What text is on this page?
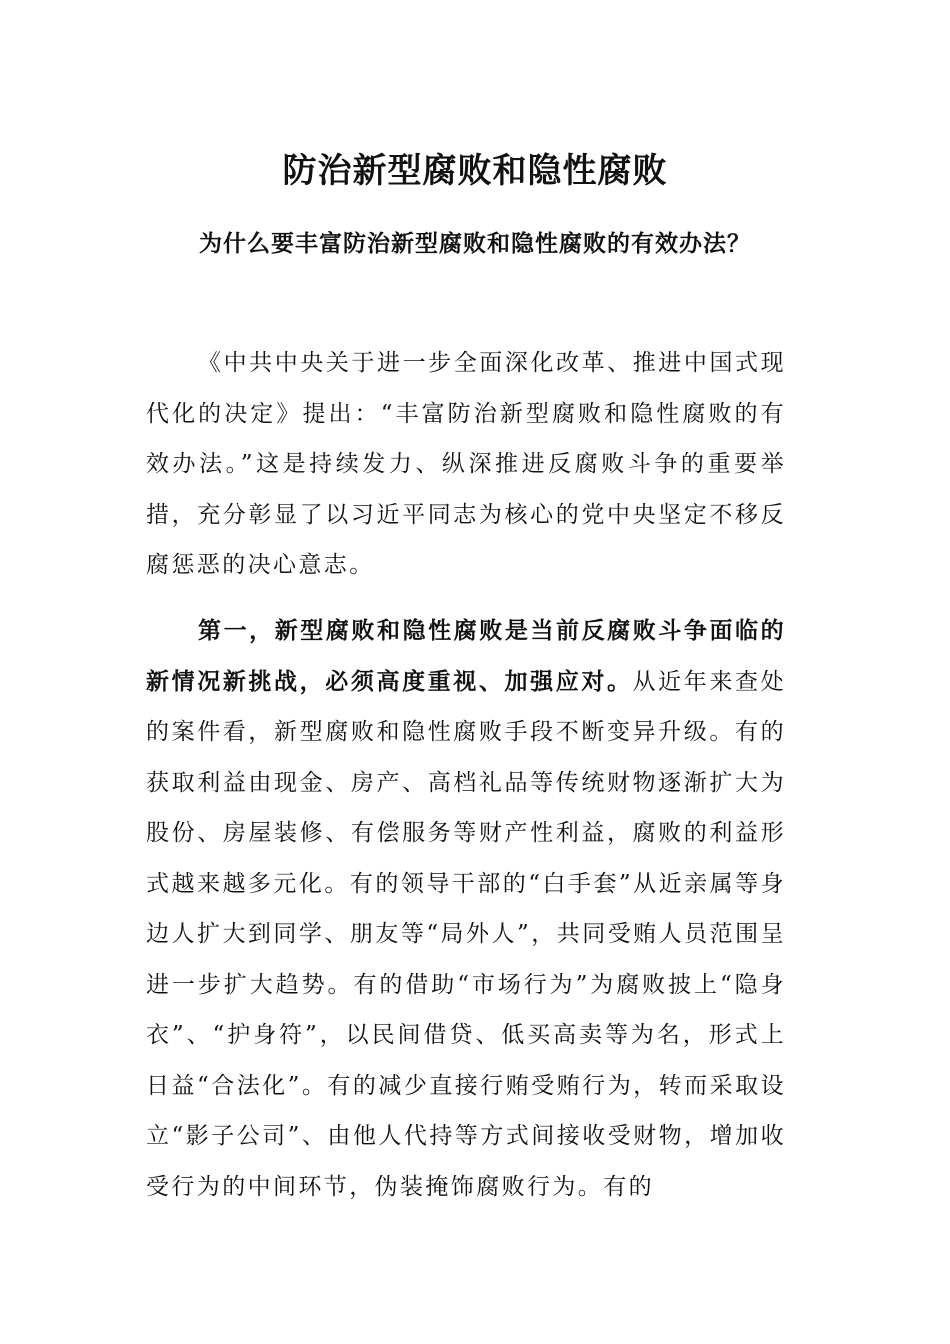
防治新型腐败和隐性腐败
为什么要丰富防治新型腐败和隐性腐败的有效办法？

《中共中央关于进一步全面深化改革、推进中国式现代化的决定》提出：“丰富防治新型腐败和隐性腐败的有效办法。”这是持续发力、纵深推进反腐败斗争的重要举措，充分彰显了以习近平同志为核心的党中央坚定不移反腐惩恶的决心意志。

第一，新型腐败和隐性腐败是当前反腐败斗争面临的新情况新挑战，必须高度重视、加强应对。从近年来查处的案件看，新型腐败和隐性腐败手段不断变异升级。有的获取利益由现金、房产、高档礼品等传统财物逐渐扩大为股份、房屋装修、有偿服务等财产性利益，腐败的利益形式越来越多元化。有的领导干部的“白手套”从近亲属等身边人扩大到同学、朋友等“局外人”，共同受贿人员范围呈进一步扩大趋势。有的借助“市场行为”为腐败披上“隐身衣”、“护身符”，以民间借贷、低买高卖等为名，形式上日益“合法化”。有的减少直接行贿受贿行为，转而采取设立“影子公司”、由他人代持等方式间接收受财物，增加收受行为的中间环节，伪装掩饰腐败行为。有的
